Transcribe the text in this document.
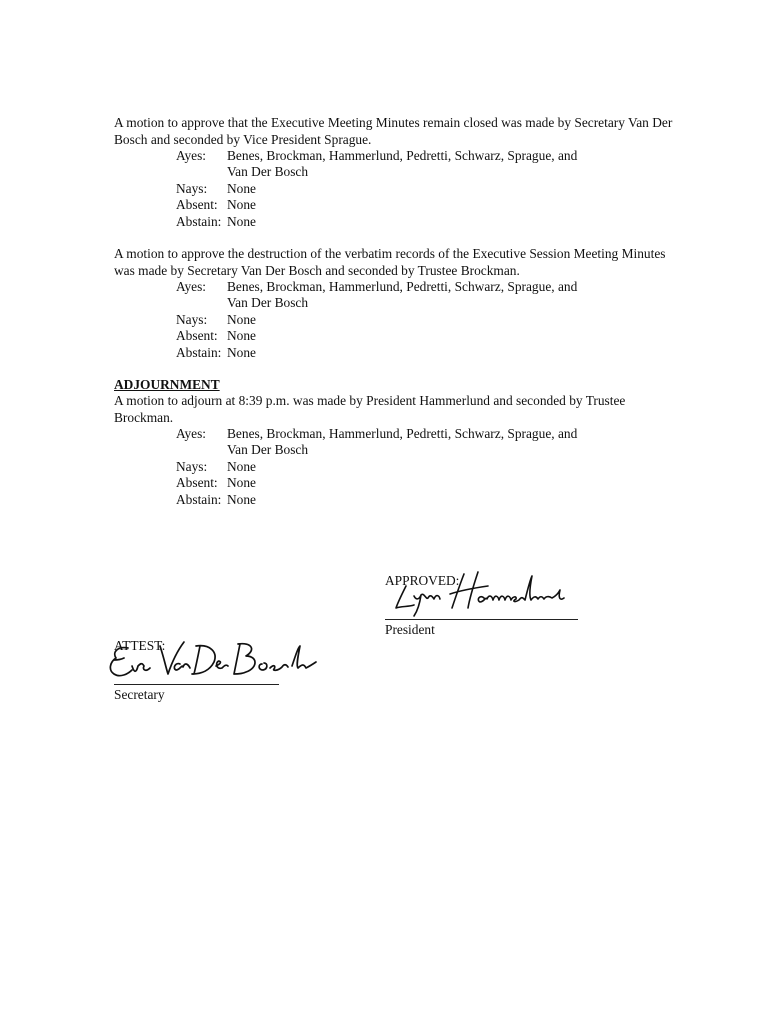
A motion to approve that the Executive Meeting Minutes remain closed was made by Secretary Van Der Bosch and seconded by Vice President Sprague.
Ayes:	Benes, Brockman, Hammerlund, Pedretti, Schwarz, Sprague, and
Van Der Bosch
Nays:	None
Absent: None
Abstain: None
A motion to approve the destruction of the verbatim records of the Executive Session Meeting Minutes was made by Secretary Van Der Bosch and seconded by Trustee Brockman.
Ayes:	Benes, Brockman, Hammerlund, Pedretti, Schwarz, Sprague, and
Van Der Bosch
Nays:	None
Absent: None
Abstain: None
ADJOURNMENT
A motion to adjourn at 8:39 p.m. was made by President Hammerlund and seconded by Trustee Brockman.
Ayes:	Benes, Brockman, Hammerlund, Pedretti, Schwarz, Sprague, and
Van Der Bosch
Nays:	None
Absent: None
Abstain: None
APPROVED:
President
ATTEST:
Secretary
